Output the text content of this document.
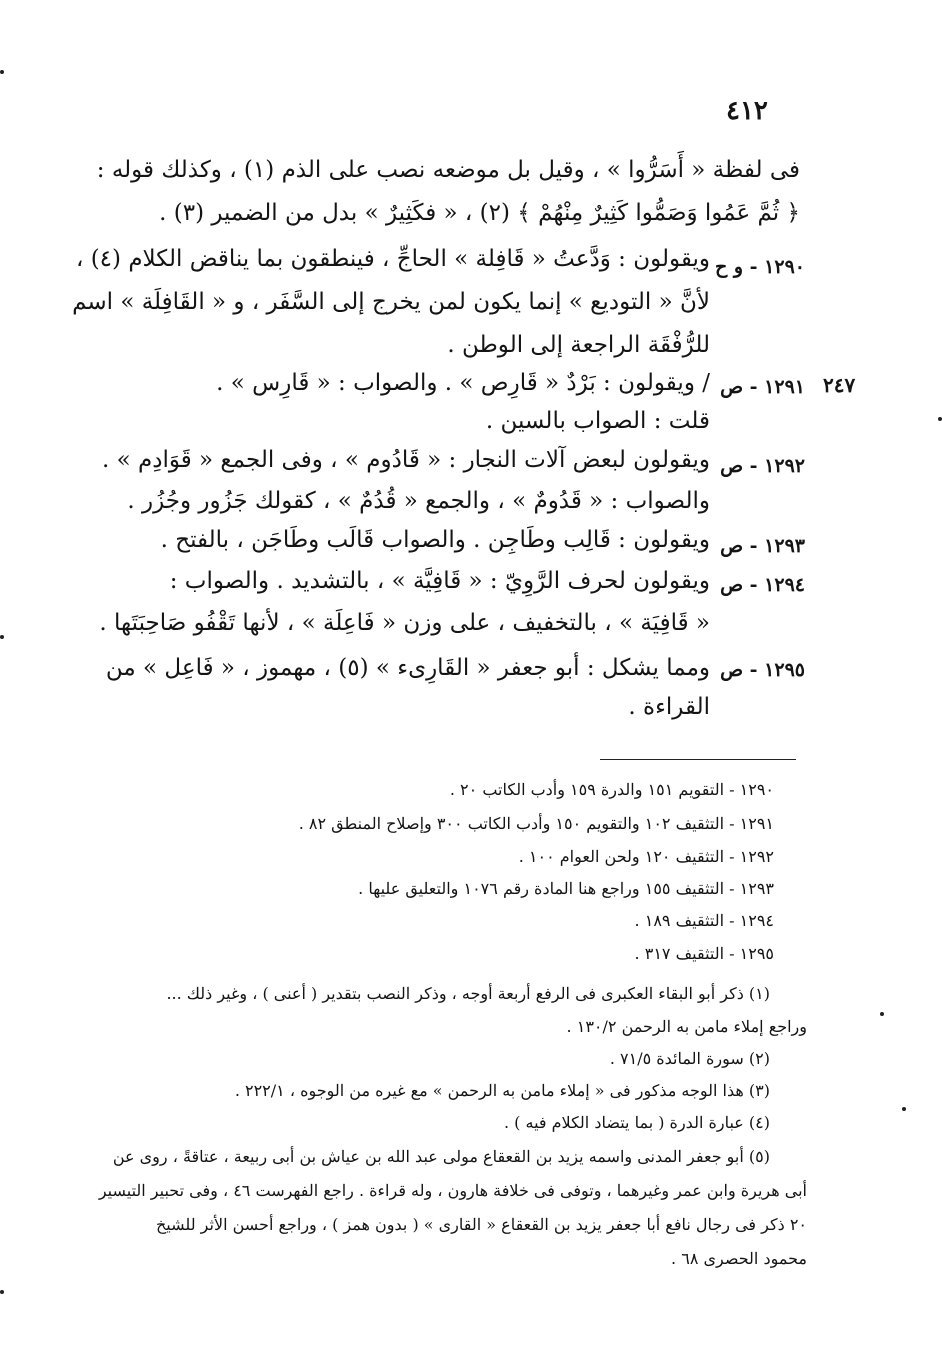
٤١٢
٢٤٧
فى لفظة « أَسَرُّوا » ، وقيل بل موضعه نصب على الذم (١) ، وكذلك قوله :
﴿ ثُمَّ عَمُوا وَصَمُّوا كَثِيرٌ مِنْهُمْ ﴾ (٢) ، « فكَثِيرٌ » بدل من الضمير (٣) .
ويقولون : وَدَّعتُ « قَافِلة » الحاجِّ ، فينطقون بما يناقض الكلام (٤) ،
لأنَّ « التوديع » إنما يكون لمن يخرج إلى السَّفَر ، و « القَافِلَة » اسم
للرُّفْقَة الراجعة إلى الوطن .
/ ويقولون : بَرْدٌ « قَارِص » . والصواب : « قَارِس » .
قلت : الصواب بالسين .
ويقولون لبعض آلات النجار : « قَادُوم » ، وفى الجمع « قَوَادِم » .
والصواب : « قَدُومٌ » ، والجمع « قُدُمٌ » ، كقولك جَزُور وجُزُر .
ويقولون : قَالِب وطَاجِن . والصواب قَالَب وطَاجَن ، بالفتح .
ويقولون لحرف الرَّوِيّ : « قَافِيَّة » ، بالتشديد . والصواب :
« قَافِيَة » ، بالتخفيف ، على وزن « فَاعِلَة » ، لأنها تَقْفُو صَاحِبَتَها .
ومما يشكل : أبو جعفر « القَارِىء » (٥) ، مهموز ، « فَاعِل » من
القراءة .
١٢٩٠ - و ح
١٢٩١ - ص
١٢٩٢ - ص
١٢٩٣ - ص
١٢٩٤ - ص
١٢٩٥ - ص
١٢٩٠ - التقويم ١٥١ والدرة ١٥٩ وأدب الكاتب ٢٠ .
١٢٩١ - التثقيف ١٠٢ والتقويم ١٥٠ وأدب الكاتب ٣٠٠ وإصلاح المنطق ٨٢ .
١٢٩٢ - التثقيف ١٢٠ ولحن العوام ١٠٠ .
١٢٩٣ - التثقيف ١٥٥ وراجع هنا المادة رقم ١٠٧٦ والتعليق عليها .
١٢٩٤ - التثقيف ١٨٩ .
١٢٩٥ - التثقيف ٣١٧ .
(١) ذكر أبو البقاء العكبرى فى الرفع أربعة أوجه ، وذكر النصب بتقدير ( أعنى ) ، وغير ذلك ...
وراجع إملاء مامن به الرحمن ١٣٠/٢ .
(٢) سورة المائدة ٧١/٥ .
(٣) هذا الوجه مذكور فى « إملاء مامن به الرحمن » مع غيره من الوجوه ، ٢٢٢/١ .
(٤) عبارة الدرة ( بما يتضاد الكلام فيه ) .
(٥) أبو جعفر المدنى واسمه يزيد بن القعقاع مولى عبد الله بن عياش بن أبى ربيعة ، عتاقةً ، روى عن
أبى هريرة وابن عمر وغيرهما ، وتوفى فى خلافة هارون ، وله قراءة . راجع الفهرست ٤٦ ، وفى تحبير التيسير
٢٠ ذكر فى رجال نافع أبا جعفر يزيد بن القعقاع « القارى » ( بدون همز ) ، وراجع أحسن الأثر للشيخ
محمود الحصرى ٦٨ .
